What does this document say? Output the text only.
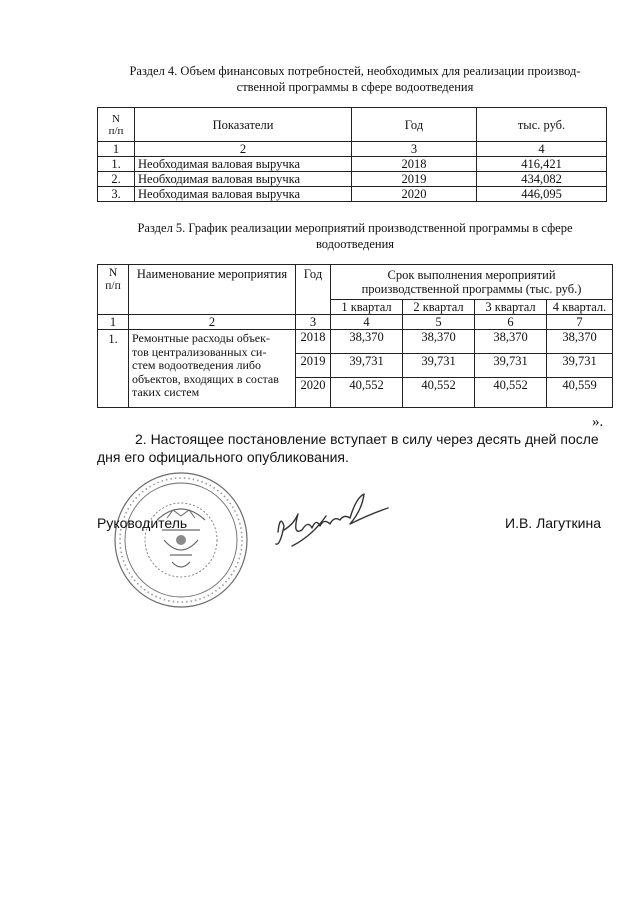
Раздел 4. Объем финансовых потребностей, необходимых для реализации производ-
ственной программы в сфере водоотведения
N
п/п	Показатели	Год	тыс. руб.
1	2	3	4
1.	Необходимая валовая выручка	2018	416,421
2.	Необходимая валовая выручка	2019	434,082
3.	Необходимая валовая выручка	2020	446,095
Раздел 5. График реализации мероприятий производственной программы в сфере
водоотведения
N
п/п	Наименование мероприятия	Год	Срок выполнения мероприятий производственной программы (тыс. руб.)			
			1 квартал	2 квартал	3 квартал	4 квартал.
1	2	3	4	5	6	7
1.	Ремонтные расходы объек-
тов централизованных си-
стем водоотведения либо
объектов, входящих в состав
таких систем	2018	38,370	38,370	38,370	38,370
		2019	39,731	39,731	39,731	39,731
		2020	40,552	40,552	40,552	40,559
».
2. Настоящее постановление вступает в силу через десять дней после дня его официального опубликования.
Руководитель	И.В. Лагуткина
